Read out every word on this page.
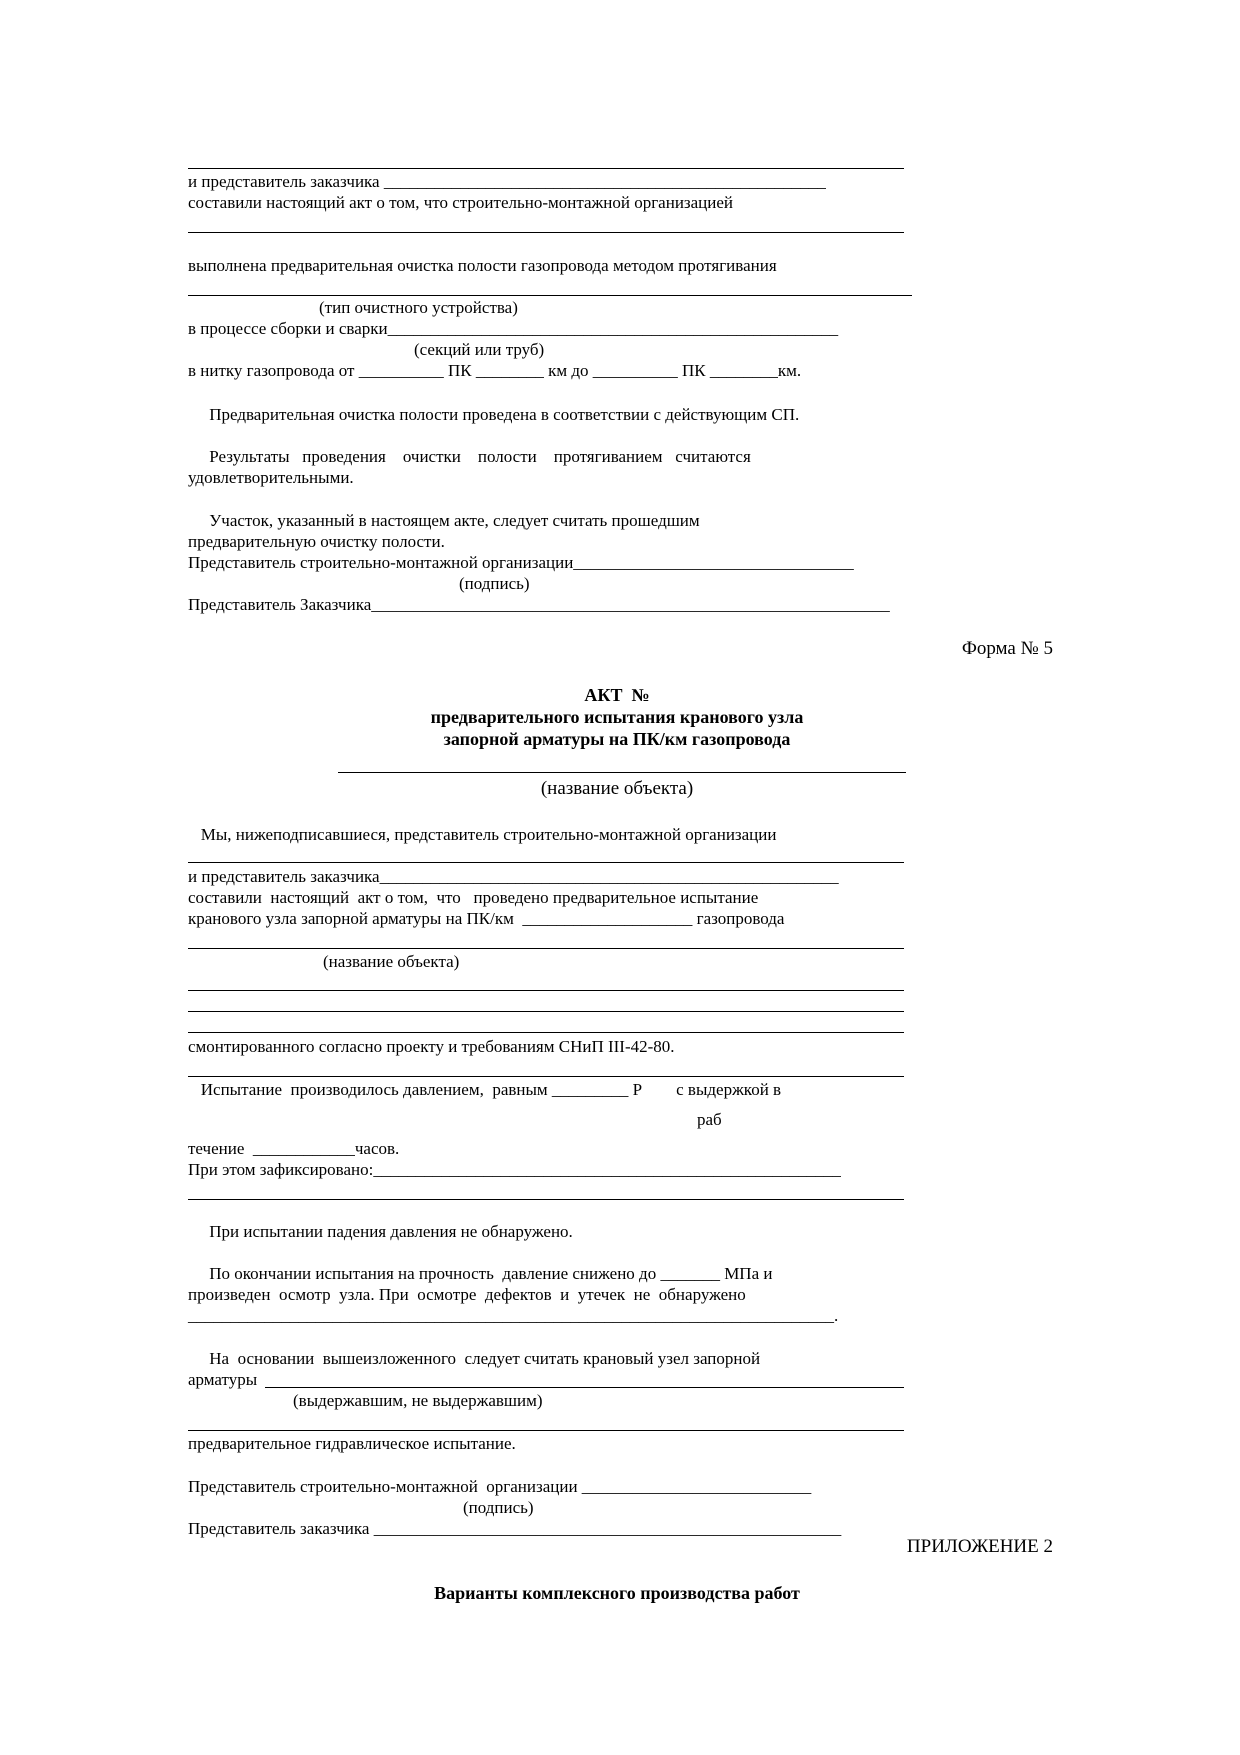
и представитель заказчика ____________________________________________________
составили настоящий акт о том, что строительно-монтажной организацией
выполнена предварительная очистка полости газопровода методом протягивания
(тип очистного устройства)
в процессе сборки и сварки_____________________________________________________
(секций или труб)
в нитку газопровода от __________ ПК ________ км до __________ ПК ________км.
Предварительная очистка полости проведена в соответствии с действующим СП.
Результаты   проведения    очистки    полости    протягиванием   считаются
удовлетворительными.
Участок, указанный в настоящем акте, следует считать прошедшим
предварительную очистку полости.
Представитель строительно-монтажной организации_________________________________
(подпись)
Представитель Заказчика_____________________________________________________________
Форма № 5
АКТ  №
предварительного испытания кранового узла
запорной арматуры на ПК/км газопровода
(название объекта)
Мы, нижеподписавшиеся, представитель строительно-монтажной организации
и представитель заказчика______________________________________________________
составили  настоящий  акт о том,  что   проведено предварительное испытание
кранового узла запорной арматуры на ПК/км  ____________________ газопровода
(название объекта)
смонтированного согласно проекту и требованиям СНиП III-42-80.
Испытание  производилось давлением,  равным _________ Р        с выдержкой в
раб
течение  ____________часов.
При этом зафиксировано:_______________________________________________________
При испытании падения давления не обнаружено.
По окончании испытания на прочность  давление снижено до _______ МПа и
произведен  осмотр  узла. При  осмотре  дефектов  и  утечек  не  обнаружено
____________________________________________________________________________.
На  основании  вышеизложенного  следует считать крановый узел запорной
арматуры
(выдержавшим, не выдержавшим)
предварительное гидравлическое испытание.
Представитель строительно-монтажной  организации ___________________________
(подпись)
Представитель заказчика _______________________________________________________
ПРИЛОЖЕНИЕ 2
Варианты комплексного производства работ
